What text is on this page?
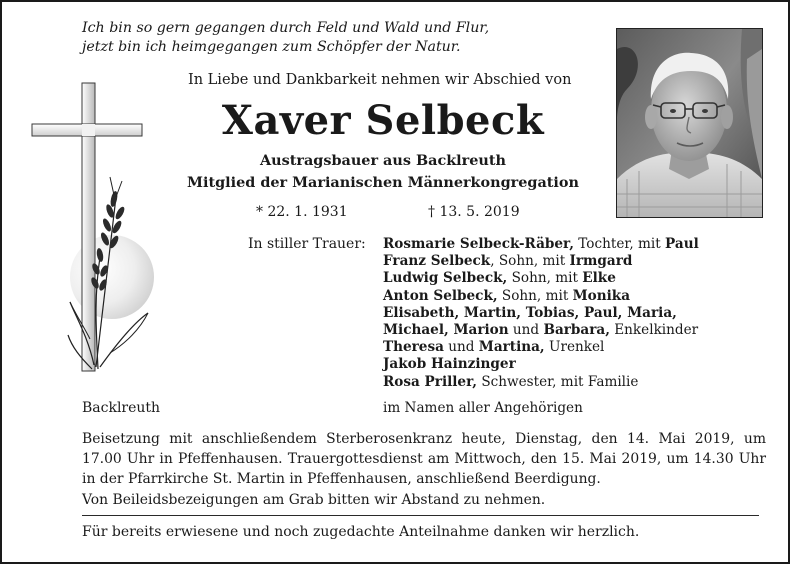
Ich bin so gern gegangen durch Feld und Wald und Flur,
jetzt bin ich heimgegangen zum Schöpfer der Natur.
In Liebe und Dankbarkeit nehmen wir Abschied von
Xaver Selbeck
Austragsbauer aus Backlreuth
Mitglied der Marianischen Männerkongregation
* 22. 1. 1931	† 13. 5. 2019
In stiller Trauer: Rosmarie Selbeck-Räber, Tochter, mit Paul
Franz Selbeck, Sohn, mit Irmgard
Ludwig Selbeck, Sohn, mit Elke
Anton Selbeck, Sohn, mit Monika
Elisabeth, Martin, Tobias, Paul, Maria,
Michael, Marion und Barbara, Enkelkinder
Theresa und Martina, Urenkel
Jakob Hainzinger
Rosa Priller, Schwester, mit Familie
Backlreuth	im Namen aller Angehörigen

Beisetzung mit anschließendem Sterberosenkranz heute, Dienstag, den 14. Mai 2019, um

17.00 Uhr in Pfeffenhausen. Trauergottesdienst am Mittwoch, den 15. Mai 2019, um 14.30 Uhr

in der Pfarrkirche St. Martin in Pfeffenhausen, anschließend Beerdigung.

Von Beileidsbezeigungen am Grab bitten wir Abstand zu nehmen.

Für bereits erwiesene und noch zugedachte Anteilnahme danken wir herzlich.
